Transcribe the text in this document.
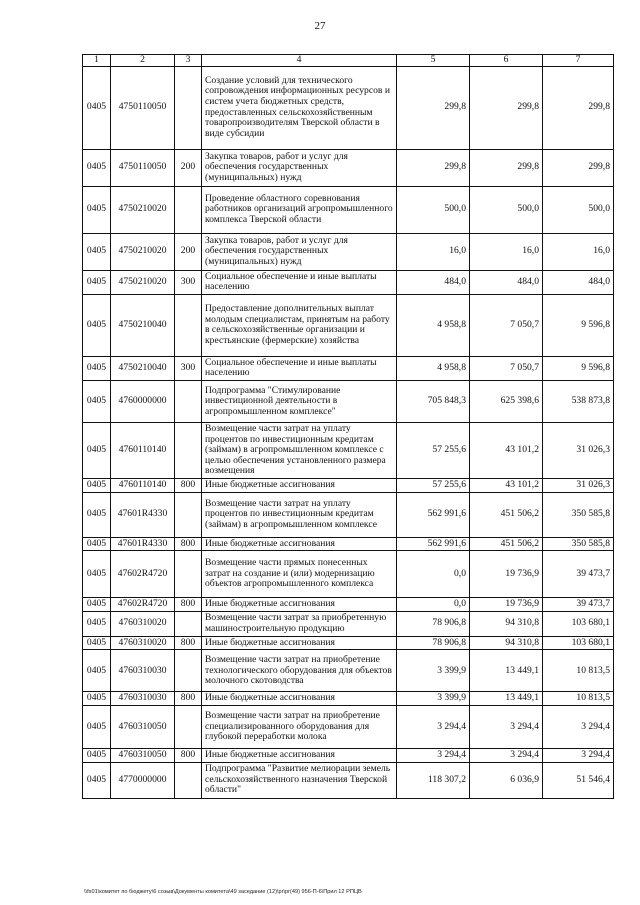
27
1	2	3	4	5	6	7
0405	4750110050		Создание условий для технического сопровождения информационных ресурсов и систем учета бюджетных средств, предоставленных сельскохозяйственным товаропроизводителям Тверской области в виде субсидии	299,8	299,8	299,8
0405	4750110050	200	Закупка товаров, работ и услуг для обеспечения государственных (муниципальных) нужд	299,8	299,8	299,8
0405	4750210020		Проведение областного соревнования работников организаций агропромышленного комплекса Тверской области	500,0	500,0	500,0
0405	4750210020	200	Закупка товаров, работ и услуг для обеспечения государственных (муниципальных) нужд	16,0	16,0	16,0
0405	4750210020	300	Социальное обеспечение и иные выплаты населению	484,0	484,0	484,0
0405	4750210040		Предоставление дополнительных выплат молодым специалистам, принятым на работу в сельскохозяйственные организации и крестьянские (фермерские) хозяйства	4 958,8	7 050,7	9 596,8
0405	4750210040	300	Социальное обеспечение и иные выплаты населению	4 958,8	7 050,7	9 596,8
0405	4760000000		Подпрограмма "Стимулирование инвестиционной деятельности в агропромышленном комплексе"	705 848,3	625 398,6	538 873,8
0405	4760110140		Возмещение части затрат на уплату процентов по инвестиционным кредитам (займам) в агропромышленном комплексе с целью обеспечения установленного размера возмещения	57 255,6	43 101,2	31 026,3
0405	4760110140	800	Иные бюджетные ассигнования	57 255,6	43 101,2	31 026,3
0405	47601R4330		Возмещение части затрат на уплату процентов по инвестиционным кредитам (займам) в агропромышленном комплексе	562 991,6	451 506,2	350 585,8
0405	47601R4330	800	Иные бюджетные ассигнования	562 991,6	451 506,2	350 585,8
0405	47602R4720		Возмещение части прямых понесенных затрат на создание и (или) модернизацию объектов агропромышленного комплекса	0,0	19 736,9	39 473,7
0405	47602R4720	800	Иные бюджетные ассигнования	0,0	19 736,9	39 473,7
0405	4760310020		Возмещение части затрат за приобретенную машиностроительную продукцию	78 906,8	94 310,8	103 680,1
0405	4760310020	800	Иные бюджетные ассигнования	78 906,8	94 310,8	103 680,1
0405	4760310030		Возмещение части затрат на приобретение технологического оборудования для объектов молочного скотоводства	3 399,9	13 449,1	10 813,5
0405	4760310030	800	Иные бюджетные ассигнования	3 399,9	13 449,1	10 813,5
0405	4760310050		Возмещение части затрат на приобретение специализированного оборудования для глубокой переработки молока	3 294,4	3 294,4	3 294,4
0405	4760310050	800	Иные бюджетные ассигнования	3 294,4	3 294,4	3 294,4
0405	4770000000		Подпрограмма "Развитие мелиорации земель сельскохозяйственного назначения Тверской области"	118 307,2	6 036,9	51 546,4
\\fs01\комитет по бюджету\6 созыв\Документы комитета\49 заседание (12)\pr\pr(49) 956-П-6\Прил 12 РПЦВ
